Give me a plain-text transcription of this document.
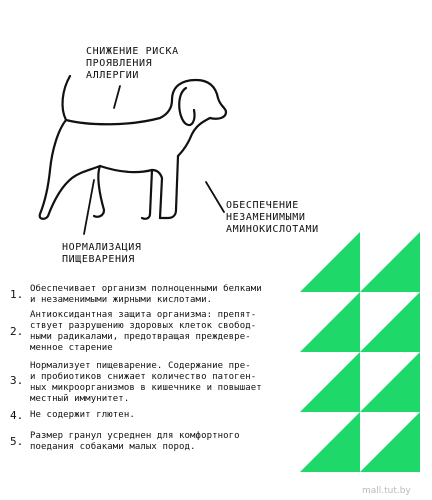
СНИЖЕНИЕ РИСКА
ПРОЯВЛЕНИЯ
АЛЛЕРГИИ
ОБЕСПЕЧЕНИЕ
НЕЗАМЕНИМЫМИ
АМИНОКИСЛОТАМИ
НОРМАЛИЗАЦИЯ
ПИЩЕВАРЕНИЯ
1. Обеспечивает организм полноценными белками
и незаменимыми жирными кислотами.
2.
Антиоксидантная защита организма: препят-
ствует разрушению здоровых клеток свобод-
ными радикалами, предотвращая преждевре-
менное старение
3.
Нормализует пищеварение. Содержание пре-
и пробиотиков снижает количество патоген-
ных микроорганизмов в кишечнике и повышает
местный иммунитет.
4. Не содержит глютен.
5. Размер гранул усреднен для комфортного
поедания собаками малых пород.
mall.tut.by
